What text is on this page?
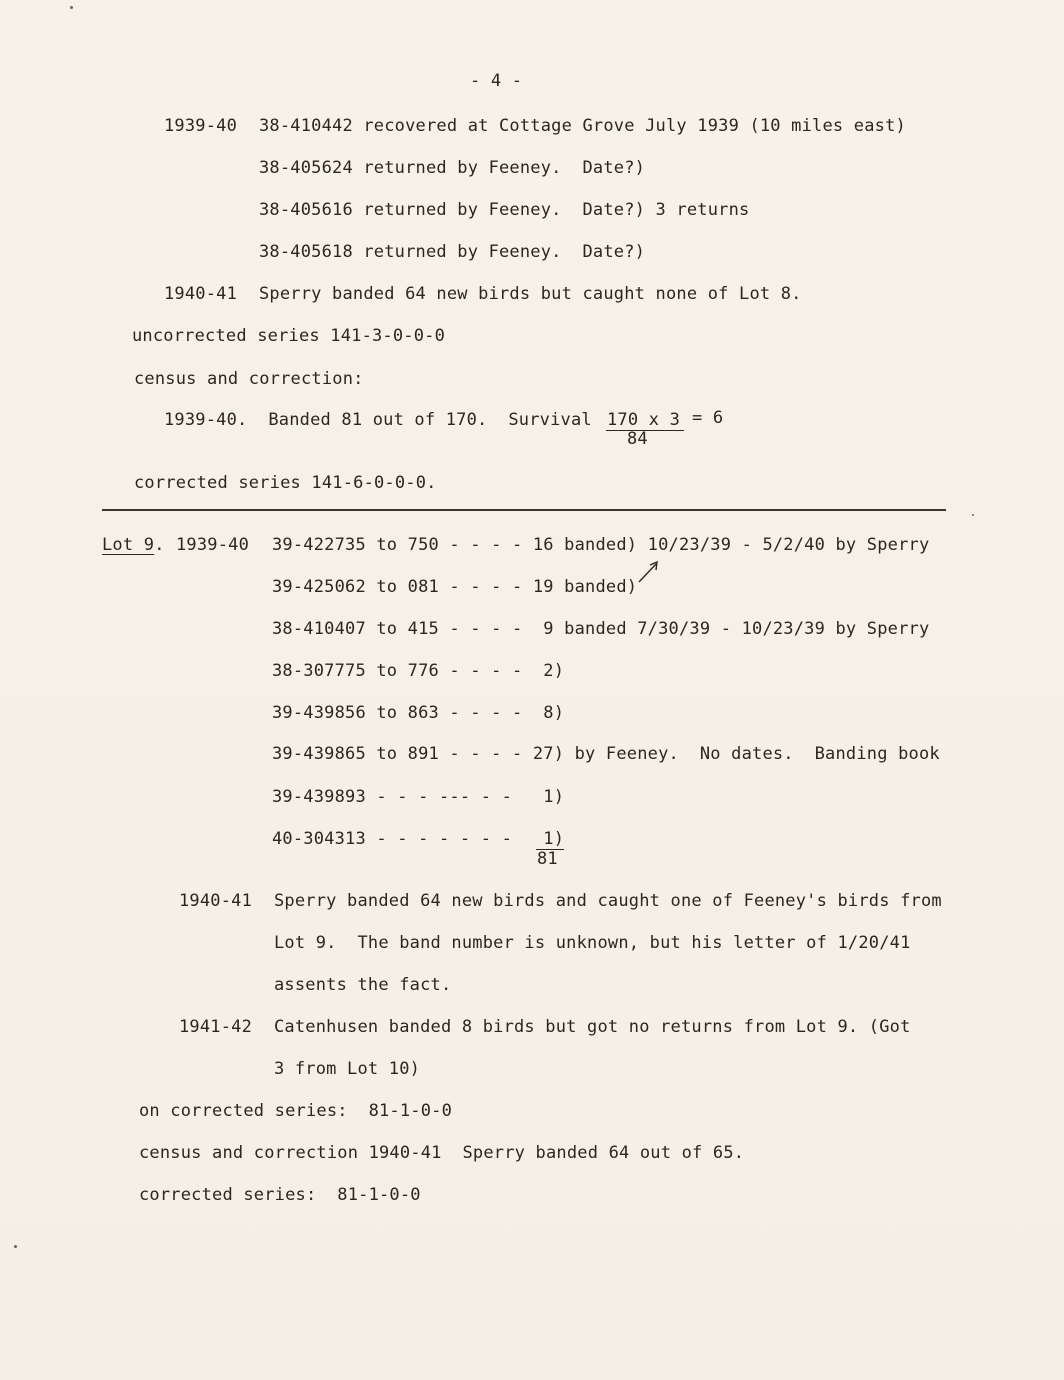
- 4 -
1939-40 38-410442 recovered at Cottage Grove July 1939 (10 miles east)
38-405624 returned by Feeney.  Date?)
38-405616 returned by Feeney.  Date?) 3 returns
38-405618 returned by Feeney.  Date?)
1940-41 Sperry banded 64 new birds but caught none of Lot 8.
uncorrected series 141-3-0-0-0
census and correction:
1939-40.  Banded 81 out of 170.  Survival 170 x 3 = 6
84
corrected series 141-6-0-0-0.
Lot 9. 1939-40 39-422735 to 750 - - - - 16 banded) 10/23/39 - 5/2/40 by Sperry
39-425062 to 081 - - - - 19 banded)
38-410407 to 415 - - - -  9 banded 7/30/39 - 10/23/39 by Sperry
38-307775 to 776 - - - -  2)
39-439856 to 863 - - - -  8)
39-439865 to 891 - - - - 27) by Feeney.  No dates.  Banding book
39-439893 - - - --- - -   1)
40-304313 - - - - - - -   1)
81
1940-41 Sperry banded 64 new birds and caught one of Feeney's birds from
Lot 9.  The band number is unknown, but his letter of 1/20/41
assents the fact.
1941-42 Catenhusen banded 8 birds but got no returns from Lot 9. (Got
3 from Lot 10)
on corrected series:  81-1-0-0
census and correction 1940-41  Sperry banded 64 out of 65.
corrected series:  81-1-0-0
